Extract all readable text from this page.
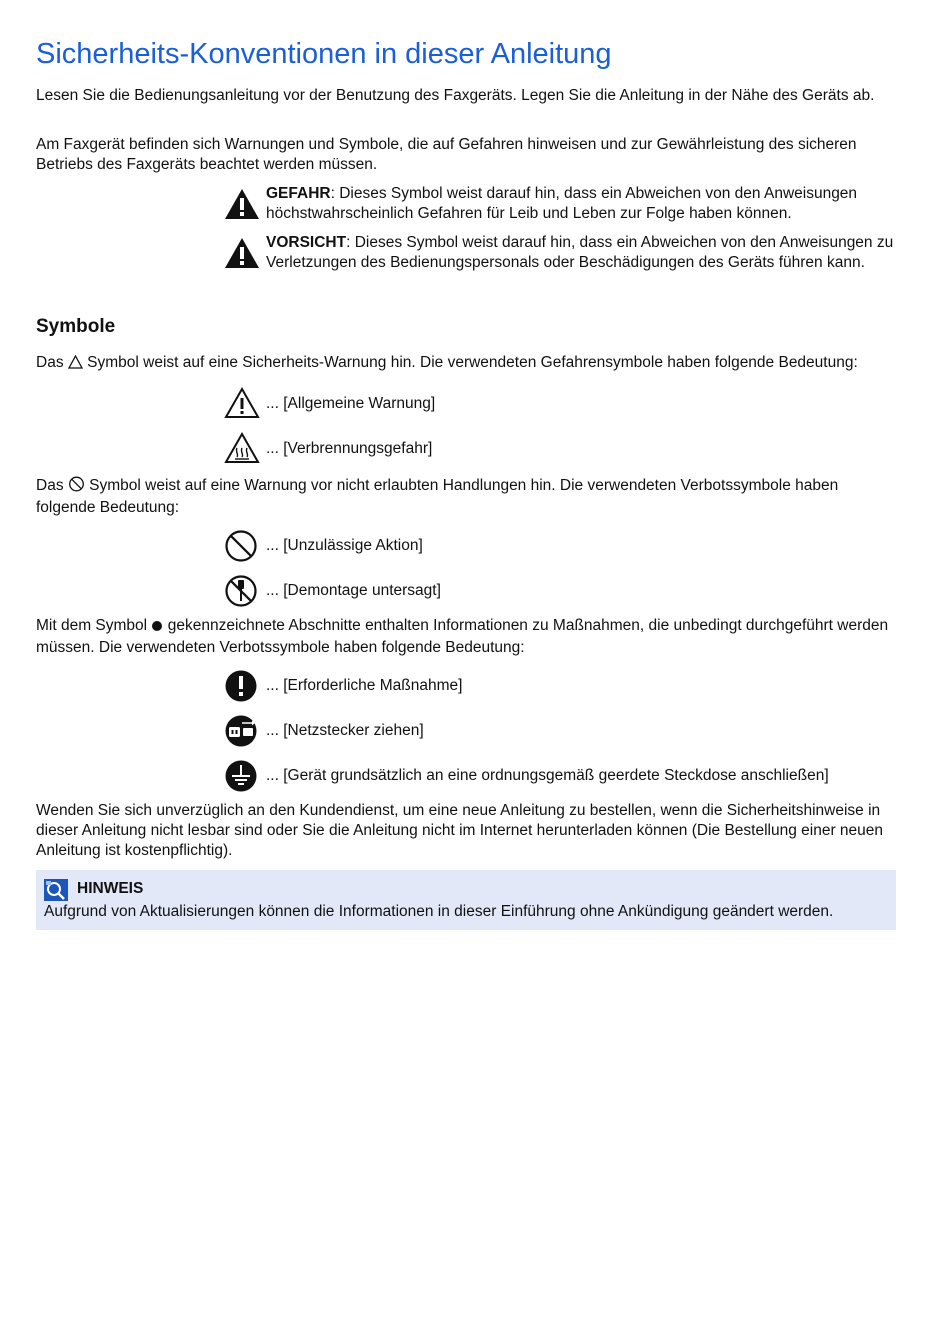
Sicherheits-Konventionen in dieser Anleitung

Lesen Sie die Bedienungsanleitung vor der Benutzung des Faxgeräts. Legen Sie die Anleitung in der Nähe des Geräts ab.

Am Faxgerät befinden sich Warnungen und Symbole, die auf Gefahren hinweisen und zur Gewährleistung des sicheren Betriebs des Faxgeräts beachtet werden müssen.

GEFAHR: Dieses Symbol weist darauf hin, dass ein Abweichen von den Anweisungen höchstwahrscheinlich Gefahren für Leib und Leben zur Folge haben können.
VORSICHT: Dieses Symbol weist darauf hin, dass ein Abweichen von den Anweisungen zu Verletzungen des Bedienungspersonals oder Beschädigungen des Geräts führen kann.
Symbole

Das  Symbol weist auf eine Sicherheits-Warnung hin. Die verwendeten Gefahrensymbole haben folgende Bedeutung:

... [Allgemeine Warnung]
... [Verbrennungsgefahr]

Das  Symbol weist auf eine Warnung vor nicht erlaubten Handlungen hin. Die verwendeten Verbotssymbole haben folgende Bedeutung:

... [Unzulässige Aktion]
... [Demontage untersagt]

Mit dem Symbol  gekennzeichnete Abschnitte enthalten Informationen zu Maßnahmen, die unbedingt durchgeführt werden müssen. Die verwendeten Verbotssymbole haben folgende Bedeutung:

... [Erforderliche Maßnahme]
... [Netzstecker ziehen]
... [Gerät grundsätzlich an eine ordnungsgemäß geerdete Steckdose anschließen]

Wenden Sie sich unverzüglich an den Kundendienst, um eine neue Anleitung zu bestellen, wenn die Sicherheitshinweise in dieser Anleitung nicht lesbar sind oder Sie die Anleitung nicht im Internet herunterladen können (Die Bestellung einer neuen Anleitung ist kostenpflichtig).

HINWEIS
Aufgrund von Aktualisierungen können die Informationen in dieser Einführung ohne Ankündigung geändert werden.
